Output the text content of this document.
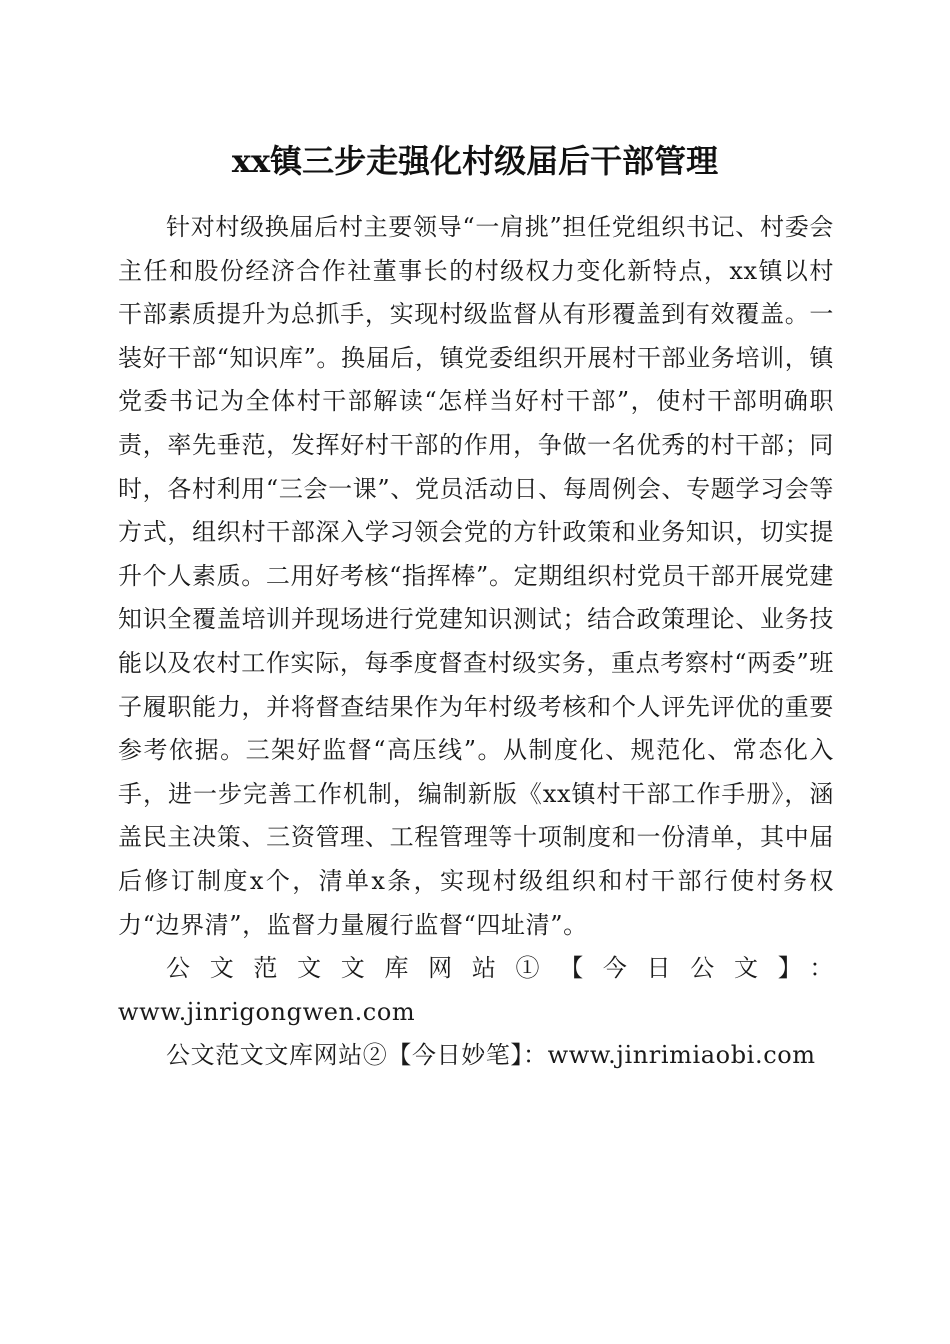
xx镇三步走强化村级届后干部管理

针对村级换届后村主要领导“一肩挑”担任党组织书记、村委会主任和股份经济合作社董事长的村级权力变化新特点，xx镇以村干部素质提升为总抓手，实现村级监督从有形覆盖到有效覆盖。一装好干部“知识库”。换届后，镇党委组织开展村干部业务培训，镇党委书记为全体村干部解读“怎样当好村干部”，使村干部明确职责，率先垂范，发挥好村干部的作用，争做一名优秀的村干部；同时，各村利用“三会一课”、党员活动日、每周例会、专题学习会等方式，组织村干部深入学习领会党的方针政策和业务知识，切实提升个人素质。二用好考核“指挥棒”。定期组织村党员干部开展党建知识全覆盖培训并现场进行党建知识测试；结合政策理论、业务技能以及农村工作实际，每季度督查村级实务，重点考察村“两委”班子履职能力，并将督查结果作为年村级考核和个人评先评优的重要参考依据。三架好监督“高压线”。从制度化、规范化、常态化入手，进一步完善工作机制，编制新版《xx镇村干部工作手册》，涵盖民主决策、三资管理、工程管理等十项制度和一份清单，其中届后修订制度x个，清单x条，实现村级组织和村干部行使村务权力“边界清”，监督力量履行监督“四址清”。

公文范文文库网站①【今日公文】：
www.jinrigongwen.com

公文范文文库网站②【今日妙笔】：www.jinrimiaobi.com
